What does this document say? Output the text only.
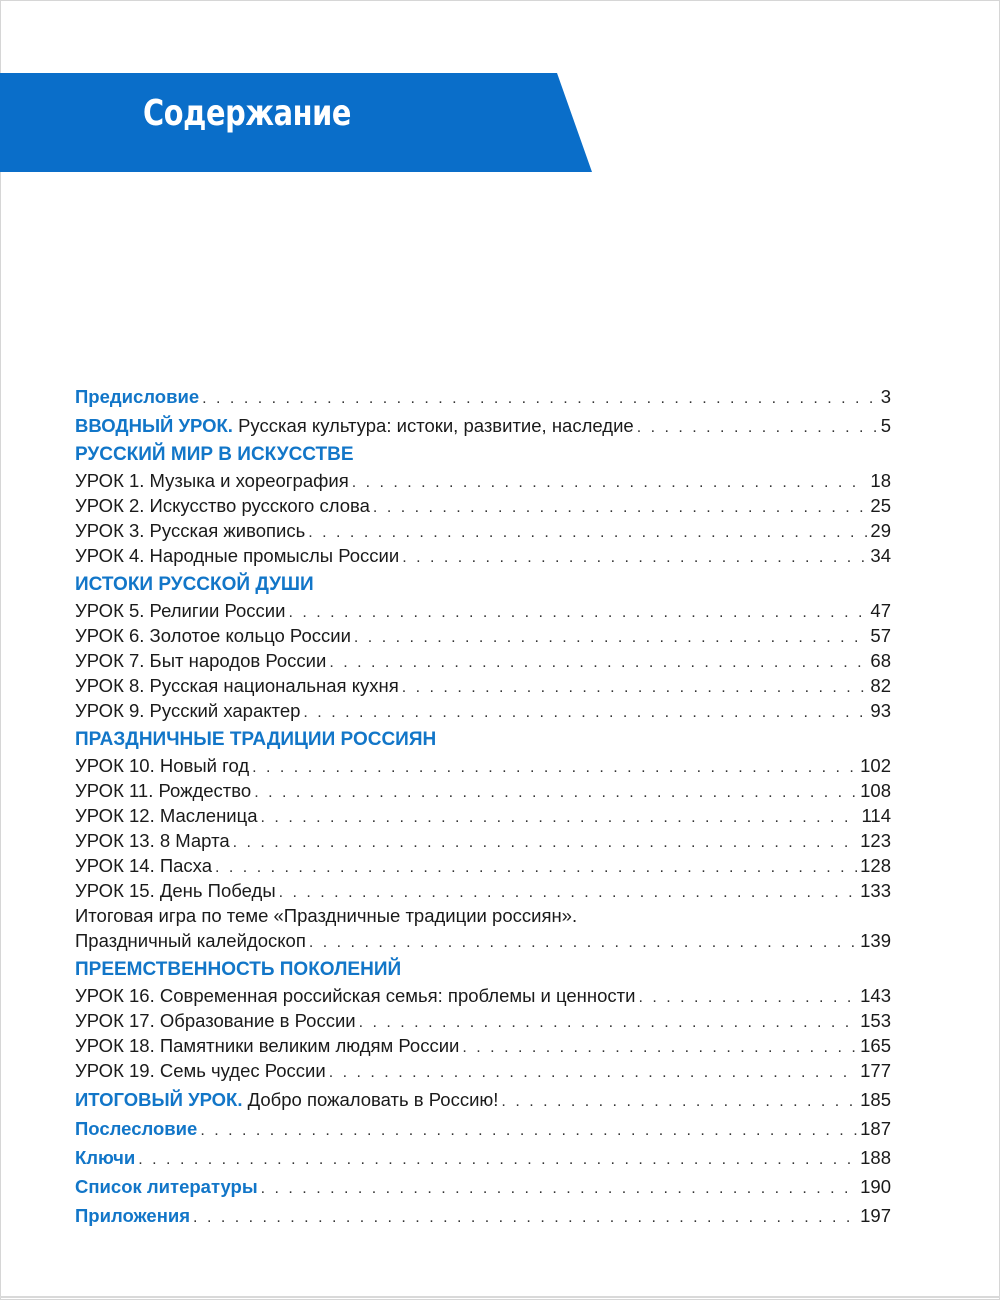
Содержание
Предисловие . . .	3
ВВОДНЫЙ УРОК. Русская культура: истоки, развитие, наследие . . .	5
РУССКИЙ МИР В ИСКУССТВЕ
УРОК 1. Музыка и хореография . . .	18
УРОК 2. Искусство русского слова . . .	25
УРОК 3. Русская живопись . . .	29
УРОК 4. Народные промыслы России . . .	34
ИСТОКИ РУССКОЙ ДУШИ
УРОК 5. Религии России . . .	47
УРОК 6. Золотое кольцо России . . .	57
УРОК 7. Быт народов России . . .	68
УРОК 8. Русская национальная кухня . . .	82
УРОК 9. Русский характер . . .	93
ПРАЗДНИЧНЫЕ ТРАДИЦИИ РОССИЯН
УРОК 10. Новый год . . .	102
УРОК 11. Рождество . . .	108
УРОК 12. Масленица . . .	114
УРОК 13. 8 Марта . . .	123
УРОК 14. Пасха . . .	128
УРОК 15. День Победы . . .	133
Итоговая игра по теме «Праздничные традиции россиян».
Праздничный калейдоскоп . . .	139
ПРЕЕМСТВЕННОСТЬ ПОКОЛЕНИЙ
УРОК 16. Современная российская семья: проблемы и ценности . . .	143
УРОК 17. Образование в России . . .	153
УРОК 18. Памятники великим людям России . . .	165
УРОК 19. Семь чудес России . . .	177
ИТОГОВЫЙ УРОК. Добро пожаловать в Россию! . . .	185
Послесловие . . .	187
Ключи . . .	188
Список литературы . . .	190
Приложения . . .	197
